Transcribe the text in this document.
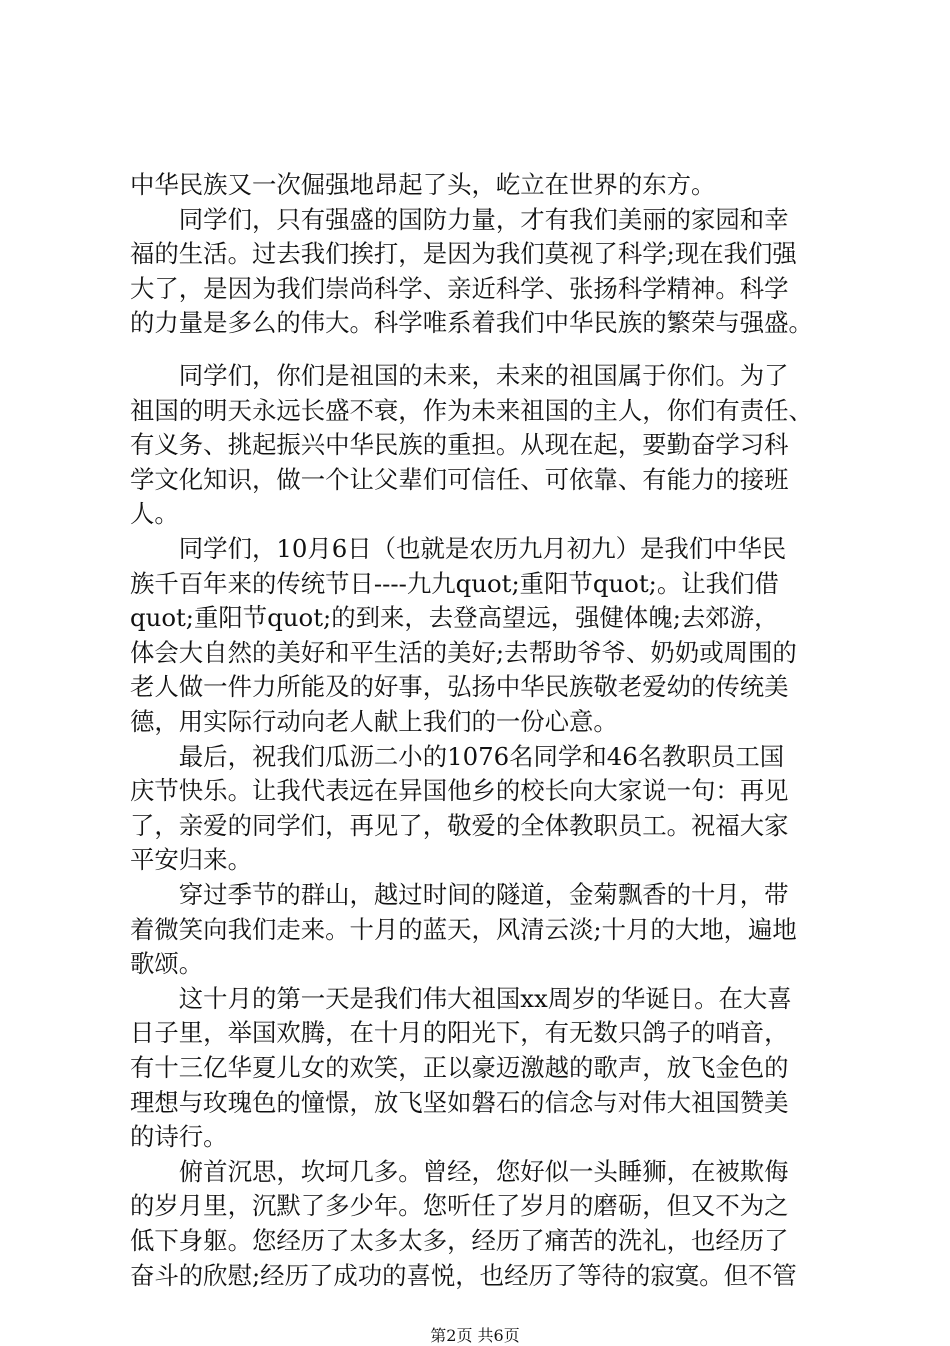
中华民族又一次倔强地昂起了头，屹立在世界的东方。
　　同学们，只有强盛的国防力量，才有我们美丽的家园和幸
福的生活。过去我们挨打，是因为我们莫视了科学;现在我们强
大了，是因为我们崇尚科学、亲近科学、张扬科学精神。科学
的力量是多么的伟大。科学唯系着我们中华民族的繁荣与强盛。
　　同学们，你们是祖国的未来，未来的祖国属于你们。为了
祖国的明天永远长盛不衰，作为未来祖国的主人，你们有责任、
有义务、挑起振兴中华民族的重担。从现在起，要勤奋学习科
学文化知识，做一个让父辈们可信任、可依靠、有能力的接班
人。
　　同学们，10月6日（也就是农历九月初九）是我们中华民
族千百年来的传统节日----九九quot;重阳节quot;。让我们借
quot;重阳节quot;的到来，去登高望远，强健体魄;去郊游，
体会大自然的美好和平生活的美好;去帮助爷爷、奶奶或周围的
老人做一件力所能及的好事，弘扬中华民族敬老爱幼的传统美
德，用实际行动向老人献上我们的一份心意。
　　最后，祝我们瓜沥二小的1076名同学和46名教职员工国
庆节快乐。让我代表远在异国他乡的校长向大家说一句：再见
了，亲爱的同学们，再见了，敬爱的全体教职员工。祝福大家
平安归来。
　　穿过季节的群山，越过时间的隧道，金菊飘香的十月，带
着微笑向我们走来。十月的蓝天，风清云淡;十月的大地，遍地
歌颂。
　　这十月的第一天是我们伟大祖国xx周岁的华诞日。在大喜
日子里，举国欢腾，在十月的阳光下，有无数只鸽子的哨音，
有十三亿华夏儿女的欢笑，正以豪迈激越的歌声，放飞金色的
理想与玫瑰色的憧憬，放飞坚如磐石的信念与对伟大祖国赞美
的诗行。
　　俯首沉思，坎坷几多。曾经，您好似一头睡狮，在被欺侮
的岁月里，沉默了多少年。您听任了岁月的磨砺，但又不为之
低下身躯。您经历了太多太多，经历了痛苦的洗礼，也经历了
奋斗的欣慰;经历了成功的喜悦，也经历了等待的寂寞。但不管
第2页 共6页
